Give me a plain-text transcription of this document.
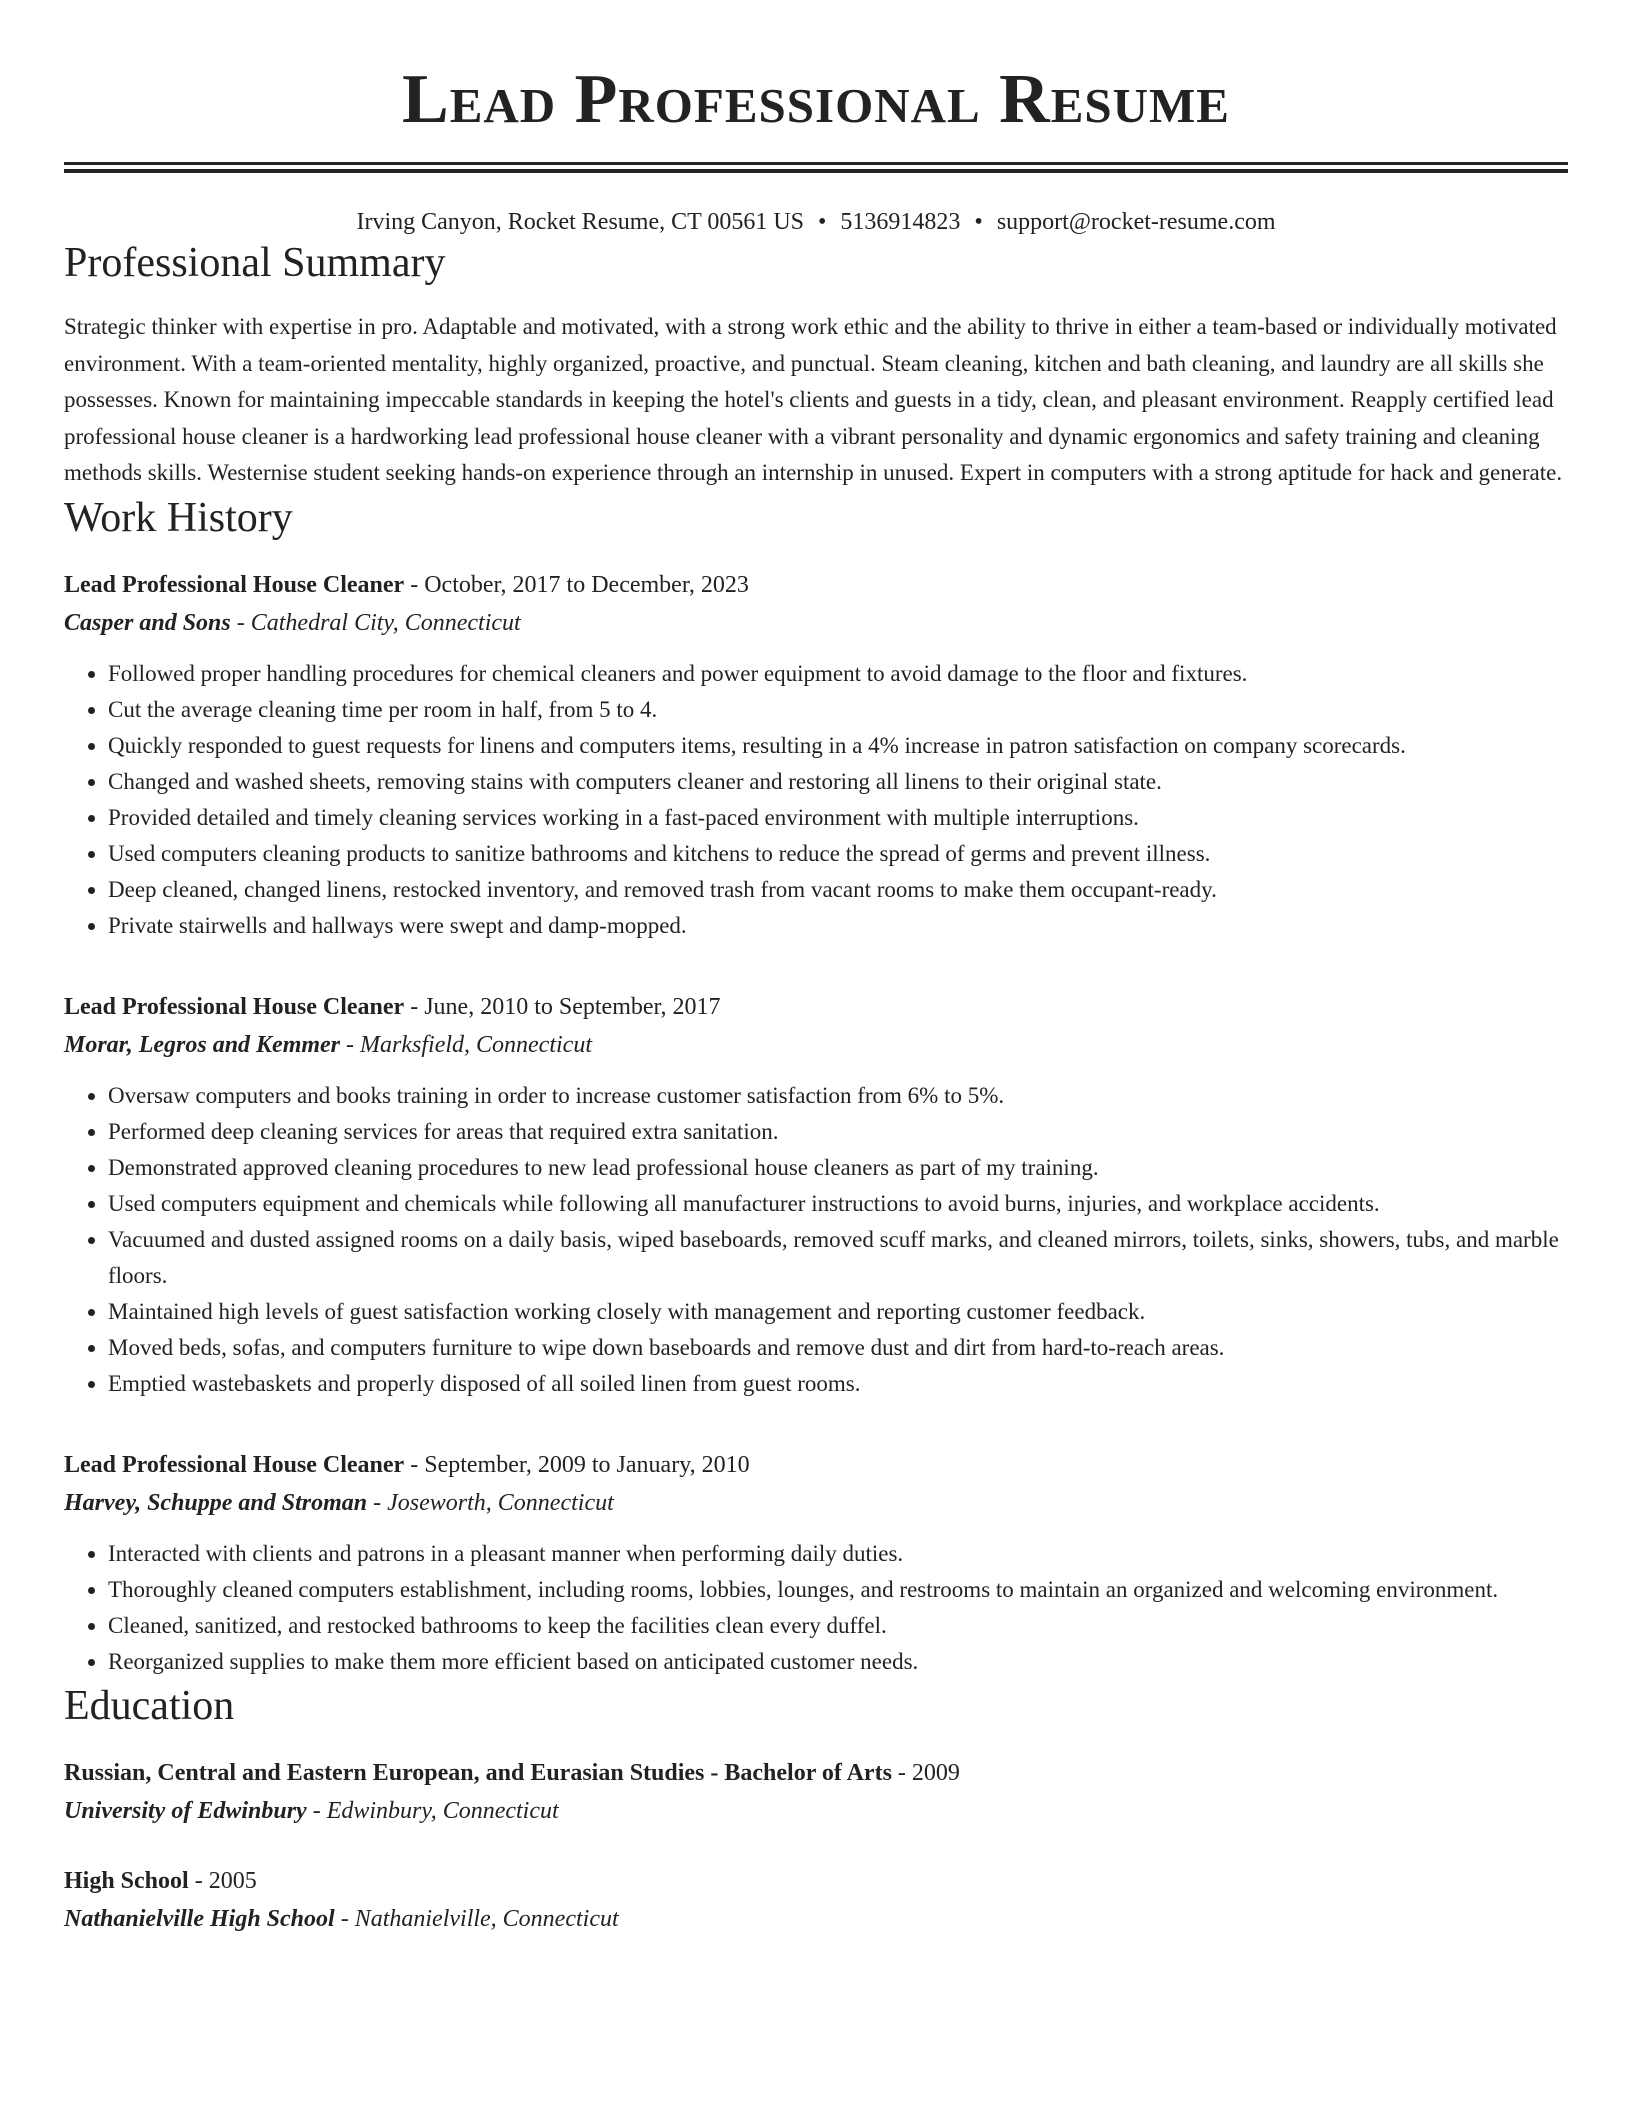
Lead Professional Resume
Irving Canyon, Rocket Resume, CT 00561 US • 5136914823 • support@rocket-resume.com
Professional Summary
Strategic thinker with expertise in pro. Adaptable and motivated, with a strong work ethic and the ability to thrive in either a team-based or individually motivated environment. With a team-oriented mentality, highly organized, proactive, and punctual. Steam cleaning, kitchen and bath cleaning, and laundry are all skills she possesses. Known for maintaining impeccable standards in keeping the hotel's clients and guests in a tidy, clean, and pleasant environment. Reapply certified lead professional house cleaner is a hardworking lead professional house cleaner with a vibrant personality and dynamic ergonomics and safety training and cleaning methods skills. Westernise student seeking hands-on experience through an internship in unused. Expert in computers with a strong aptitude for hack and generate.
Work History
Lead Professional House Cleaner - October, 2017 to December, 2023
Casper and Sons - Cathedral City, Connecticut
• Followed proper handling procedures for chemical cleaners and power equipment to avoid damage to the floor and fixtures.
• Cut the average cleaning time per room in half, from 5 to 4.
• Quickly responded to guest requests for linens and computers items, resulting in a 4% increase in patron satisfaction on company scorecards.
• Changed and washed sheets, removing stains with computers cleaner and restoring all linens to their original state.
• Provided detailed and timely cleaning services working in a fast-paced environment with multiple interruptions.
• Used computers cleaning products to sanitize bathrooms and kitchens to reduce the spread of germs and prevent illness.
• Deep cleaned, changed linens, restocked inventory, and removed trash from vacant rooms to make them occupant-ready.
• Private stairwells and hallways were swept and damp-mopped.
Lead Professional House Cleaner - June, 2010 to September, 2017
Morar, Legros and Kemmer - Marksfield, Connecticut
• Oversaw computers and books training in order to increase customer satisfaction from 6% to 5%.
• Performed deep cleaning services for areas that required extra sanitation.
• Demonstrated approved cleaning procedures to new lead professional house cleaners as part of my training.
• Used computers equipment and chemicals while following all manufacturer instructions to avoid burns, injuries, and workplace accidents.
• Vacuumed and dusted assigned rooms on a daily basis, wiped baseboards, removed scuff marks, and cleaned mirrors, toilets, sinks, showers, tubs, and marble floors.
• Maintained high levels of guest satisfaction working closely with management and reporting customer feedback.
• Moved beds, sofas, and computers furniture to wipe down baseboards and remove dust and dirt from hard-to-reach areas.
• Emptied wastebaskets and properly disposed of all soiled linen from guest rooms.
Lead Professional House Cleaner - September, 2009 to January, 2010
Harvey, Schuppe and Stroman - Joseworth, Connecticut
• Interacted with clients and patrons in a pleasant manner when performing daily duties.
• Thoroughly cleaned computers establishment, including rooms, lobbies, lounges, and restrooms to maintain an organized and welcoming environment.
• Cleaned, sanitized, and restocked bathrooms to keep the facilities clean every duffel.
• Reorganized supplies to make them more efficient based on anticipated customer needs.
Education
Russian, Central and Eastern European, and Eurasian Studies - Bachelor of Arts - 2009
University of Edwinbury - Edwinbury, Connecticut
High School - 2005
Nathanielville High School - Nathanielville, Connecticut
